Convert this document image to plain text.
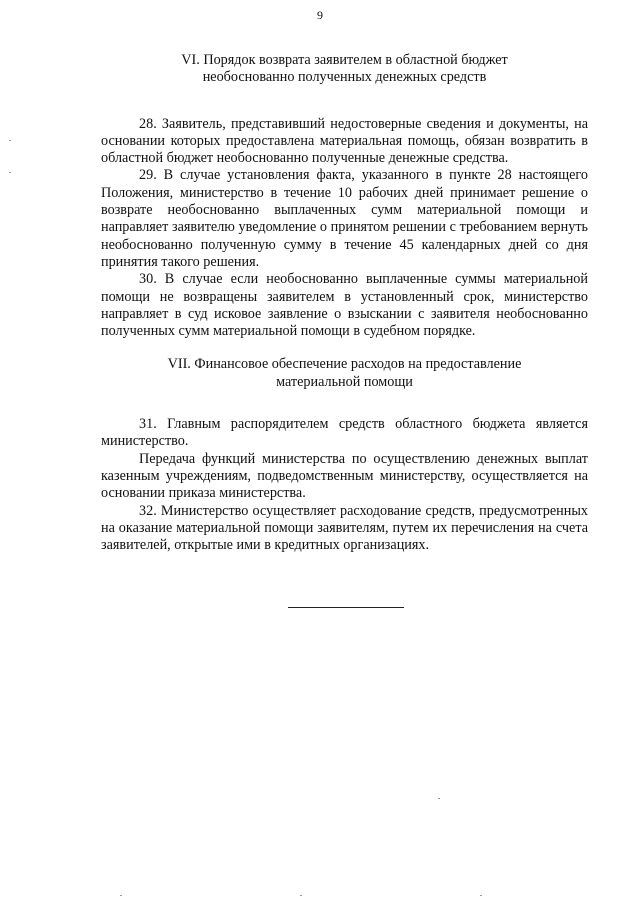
9
VI. Порядок возврата заявителем в областной бюджет
необоснованно полученных денежных средств

28. Заявитель, представивший недостоверные сведения и документы, на основании которых предоставлена материальная помощь, обязан возвратить в областной бюджет необоснованно полученные денежные средства.

29. В случае установления факта, указанного в пункте 28 настоящего Положения, министерство в течение 10 рабочих дней принимает решение о возврате необоснованно выплаченных сумм материальной помощи и направляет заявителю уведомление о принятом решении с требованием вернуть необоснованно полученную сумму в течение 45 календарных дней со дня принятия такого решения.

30. В случае если необоснованно выплаченные суммы материальной помощи не возвращены заявителем в установленный срок, министерство направляет в суд исковое заявление о взыскании с заявителя необоснованно полученных сумм материальной помощи в судебном порядке.

VII. Финансовое обеспечение расходов на предоставление
материальной помощи

31. Главным распорядителем средств областного бюджета является министерство.

Передача функций министерства по осуществлению денежных выплат казенным учреждениям, подведомственным министерству, осуществляется на основании приказа министерства.

32. Министерство осуществляет расходование средств, предусмотренных на оказание материальной помощи заявителям, путем их перечисления на счета заявителей, открытые ими в кредитных организациях.
